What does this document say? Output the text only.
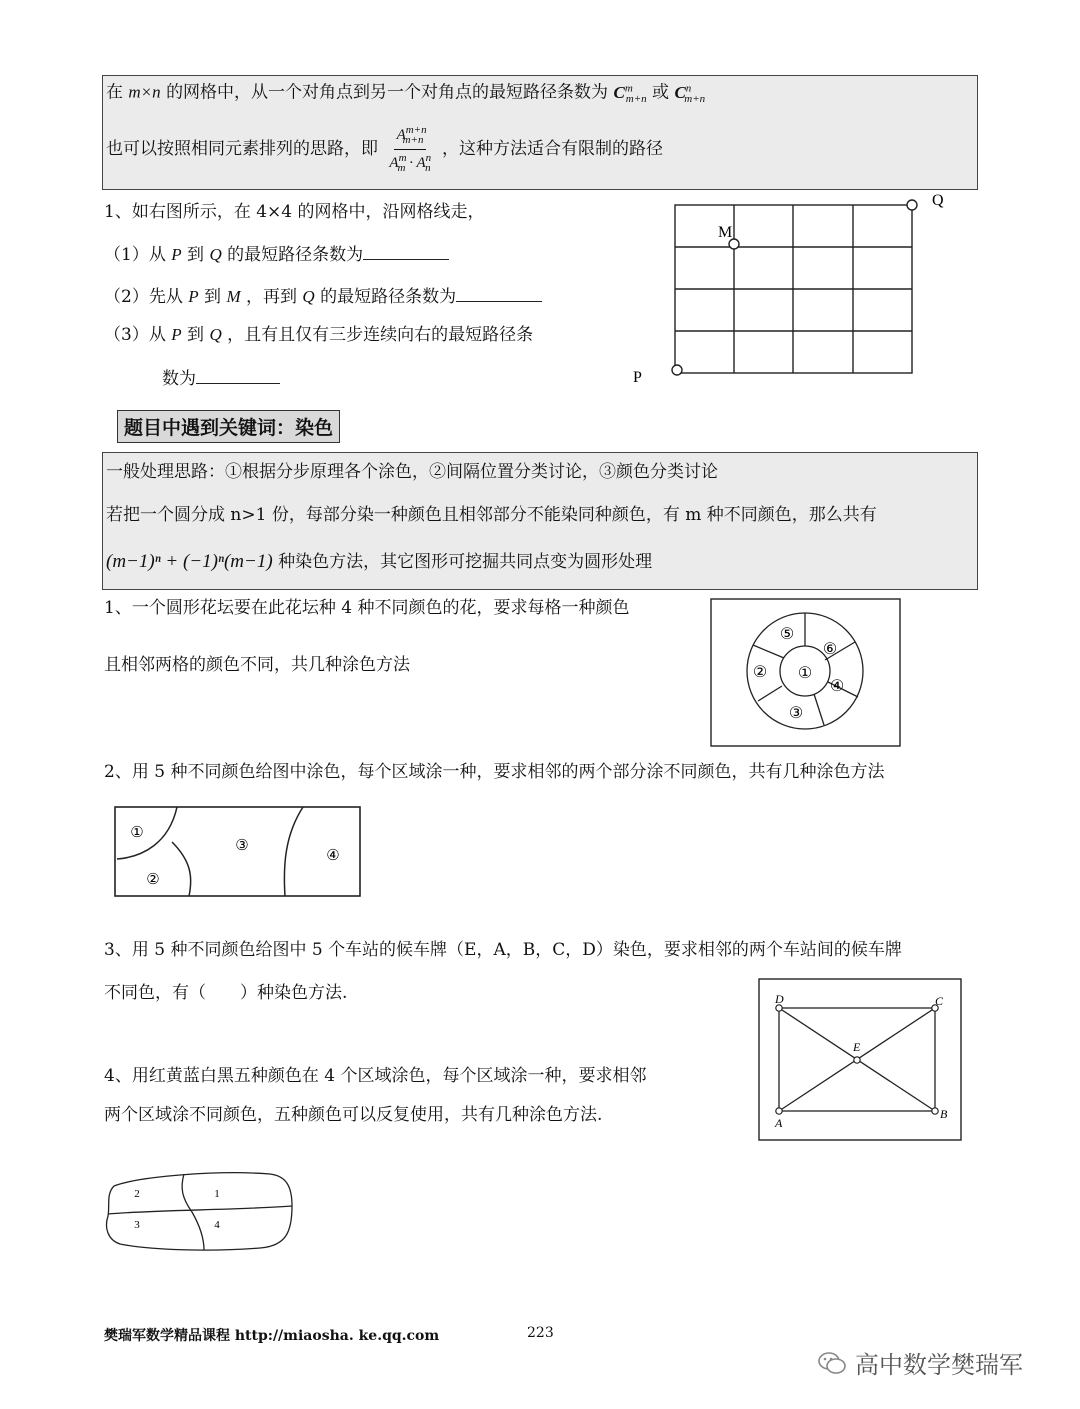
在 m×n 的网格中，从一个对角点到另一个对角点的最短路径条数为 $C^m_{m+n}$ 或 $C^n_{m+n}$
也可以按照相同元素排列的思路，即 $\frac{A^{m+n}_{m+n}}{A^m_m \cdot A^n_n}$ ，这种方法适合有限制的路径
1、如右图所示，在 4×4 的网格中，沿网格线走，
（1）从 P 到 Q 的最短路径条数为
（2）先从 P 到 M ，再到 Q 的最短路径条数为
（3）从 P 到 Q ，且有且仅有三步连续向右的最短路径条
数为
Q
M
P
题目中遇到关键词：染色
一般处理思路：①根据分步原理各个涂色，②间隔位置分类讨论，③颜色分类讨论
若把一个圆分成 n>1 份，每部分染一种颜色且相邻部分不能染同种颜色，有 m 种不同颜色，那么共有
(m−1)ⁿ + (−1)ⁿ(m−1) 种染色方法，其它图形可挖掘共同点变为圆形处理
1、一个圆形花坛要在此花坛种 4 种不同颜色的花，要求每格一种颜色
且相邻两格的颜色不同，共几种涂色方法	①
②
③
④
⑤
⑥
2、用 5 种不同颜色给图中涂色，每个区域涂一种，要求相邻的两个部分涂不同颜色，共有几种涂色方法
①
②
③
④
3、用 5 种不同颜色给图中 5 个车站的候车牌（E，A，B，C，D）染色，要求相邻的两个车站间的候车牌
不同色，有（　　）种染色方法.	D	C
E
A
B
4、用红黄蓝白黑五种颜色在 4 个区域涂色，每个区域涂一种，要求相邻
两个区域涂不同颜色，五种颜色可以反复使用，共有几种涂色方法.
2	1
3	4
樊瑞军数学精品课程 http://miaosha. ke.qq.com	223
高中数学樊瑞军
